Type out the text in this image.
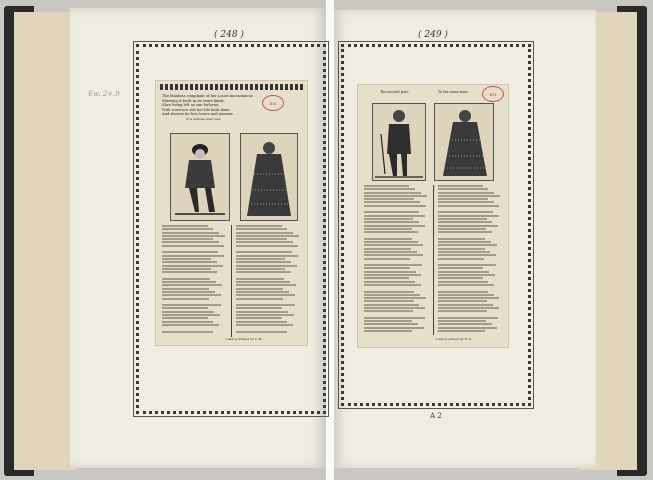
( 248 )	( 249 )
Ew. 2+.9
BM
The Maidens complaint of her Loues inconstancie
Shewing it forth in its owne kinde,
Shee being left as one forlorne,
With sorrowes she her life hath done,
And shewes for her louers and mourne
To a delicate new tune.
London, Printed for A. M.
The second part,	To the same tune.	BM
London, printed for H. G.
A 2
